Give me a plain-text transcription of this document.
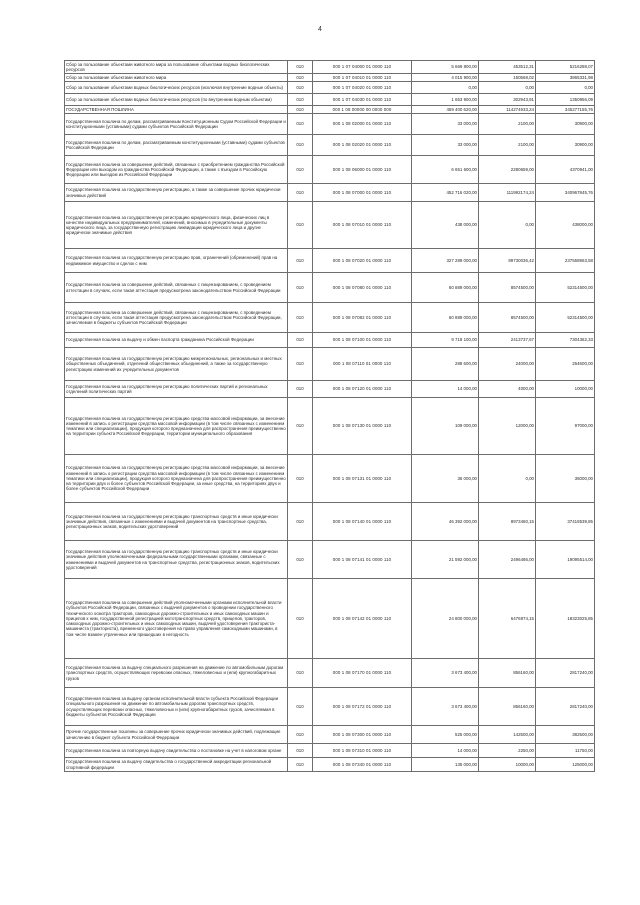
4
Сбор за пользование объектами животного мира за пользование объектами водных биологических ресурсов	010	000 1 07 04000 01 0000 110	5 669 800,00	453512,31	5216288,07
Сбор за пользование объектами животного мира	010	000 1 07 04010 01 0000 110	4 015 900,00	150568,02	3865331,98
Сбор за пользование объектами водных биологических ресурсов (исключая внутренние водные объекты)	010	000 1 07 04020 01 0000 110	0,00	0,00	0,00
Сбор за пользование объектами водных биологических ресурсов (по внутренним водным объектам)	010	000 1 07 04030 01 0000 110	1 653 900,00	302943,91	1350956,09
ГОСУДАРСТВЕННАЯ ПОШЛИНА	010	000 1 08 00000 00 0000 000	459 400 620,00	114274933,24	345277155,76
Государственная пошлина по делам, рассматриваемым Конституционным Судом Российской Федерации и конституционными (уставными) судами субъектов Российской Федерации	010	000 1 08 02000 01 0000 110	33 000,00	2100,00	30900,00
Государственная пошлина по делам, рассматриваемым конституционными (уставными) судами субъектов Российской Федерации	010	000 1 08 02020 01 0000 110	33 000,00	2100,00	30900,00
Государственная пошлина за совершение действий, связанных с приобретением гражданства Российской Федерации или выходом из гражданства Российской Федерации, а также с въездом в Российскую Федерацию или выездом из Российской Федерации	010	000 1 08 06000 01 0000 110	6 651 600,00	2280659,00	4370941,00
Государственная пошлина за государственную регистрацию, а также за совершение прочих юридически значимых действий	010	000 1 08 07000 01 0000 110	452 716 020,00	111992174,24	340967845,76
Государственная пошлина за государственную регистрацию юридического лица, физических лиц в качестве индивидуальных предпринимателей, изменений, вносимых в учредительные документы юридического лица, за государственную регистрацию ликвидации юридического лица и другие юридически значимые действия	010	000 1 08 07010 01 0000 110	438 000,00	0,00	438000,00
Государственная пошлина за государственную регистрацию прав, ограничений (обременений) прав на недвижимое имущество и сделок с ним	010	000 1 08 07020 01 0000 110	327 289 000,00	89730036,42	237558963,58
Государственная пошлина за совершение действий, связанных с лицензированием, с проведением аттестации в случаях, если такая аттестация предусмотрена законодательством Российской Федерации	010	000 1 08 07080 01 0000 110	60 889 000,00	8574500,00	52314500,00
Государственная пошлина за совершение действий, связанных с лицензированием, с проведением аттестации в случаях, если такая аттестация предусмотрена законодательством Российской Федерации, зачисляемая в бюджеты субъектов Российской Федерации	010	000 1 08 07082 01 0000 110	60 889 000,00	8574500,00	52314500,00
Государственная пошлина за выдачу и обмен паспорта гражданина Российской Федерации	010	000 1 08 07100 01 0000 110	9 718 100,00	2413737,67	7304362,33
Государственная пошлина за государственную регистрацию межрегиональных, региональных и местных общественных объединений, отделений общественных объединений, а также за государственную регистрацию изменений их учредительных документов	010	000 1 08 07110 01 0000 110	288 600,00	24000,00	264600,00
Государственная пошлина за государственную регистрацию политических партий и региональных отделений политических партий	010	000 1 08 07120 01 0000 110	14 000,00	4000,00	10000,00
Государственная пошлина за государственную регистрацию средства массовой информации, за внесение изменений в запись о регистрации средства массовой информации (в том числе связанных с изменением тематики или специализации), продукция которого предназначена для распространения преимущественно на территории субъекта Российской Федерации, территории муниципального образования	010	000 1 08 07130 01 0000 110	109 000,00	12000,00	97000,00
Государственная пошлина за государственную регистрацию средства массовой информации, за внесение изменений в запись о регистрации средства массовой информации (в том числе связанных с изменением тематики или специализации), продукция которого предназначена для распространения преимущественно на территории двух и более субъектов Российской Федерации, за иные средства, на территориях двух и более субъектов Российской Федерации	010	000 1 08 07131 01 0000 110	36 000,00	0,00	36000,00
Государственная пошлина за государственную регистрацию транспортных средств и иные юридически значимые действия, связанные с изменениями и выдачей документов на транспортные средства, регистрационных знаков, водительских удостоверений	010	000 1 08 07140 01 0000 110	46 392 000,00	8973460,15	37418539,85
Государственная пошлина за государственную регистрацию транспортных средств и иные юридически значимые действия уполномоченными федеральными государственными органами, связанные с изменениями и выдачей документов на транспортные средства, регистрационных знаков, водительских удостоверений	010	000 1 08 07141 01 0000 110	21 592 000,00	2496486,00	19095514,00
Государственная пошлина за совершение действий уполномоченными органами исполнительной власти субъектов Российской Федерации, связанных с выдачей документов о проведении государственного технического осмотра тракторов, самоходных дорожно-строительных и иных самоходных машин и прицепов к ним, государственной регистрацией мототранспортных средств, прицепов, тракторов, самоходных дорожно-строительных и иных самоходных машин, выдачей удостоверения тракториста-машиниста (тракториста), временного удостоверения на право управления самоходными машинами, в том числе взамен утраченных или пришедших в негодность	010	000 1 08 07142 01 0000 110	24 800 000,00	6476974,15	18323025,85
Государственная пошлина за выдачу специального разрешения на движение по автомобильным дорогам транспортных средств, осуществляющих перевозки опасных, тяжеловесных и (или) крупногабаритных грузов	010	000 1 08 07170 01 0000 110	3 673 400,00	856160,00	2817240,00
Государственная пошлина за выдачу органом исполнительной власти субъекта Российской Федерации специального разрешения на движение по автомобильным дорогам транспортных средств, осуществляющих перевозки опасных, тяжеловесных и (или) крупногабаритных грузов, зачисляемая в бюджеты субъектов Российской Федерации	010	000 1 08 07172 01 0000 110	3 673 400,00	856160,00	2817240,00
Прочие государственные пошлины за совершение прочих юридически значимых действий, подлежащие зачислению в бюджет субъекта Российской Федерации	010	000 1 08 07300 01 0000 110	525 000,00	142500,00	382500,00
Государственная пошлина за повторную выдачу свидетельства о постановке на учет в налоговом органе	010	000 1 08 07310 01 0000 110	14 000,00	2250,00	11750,00
Государственная пошлина за выдачу свидетельства о государственной аккредитации региональной спортивной федерации	010	000 1 08 07340 01 0000 110	135 000,00	10000,00	125000,00
